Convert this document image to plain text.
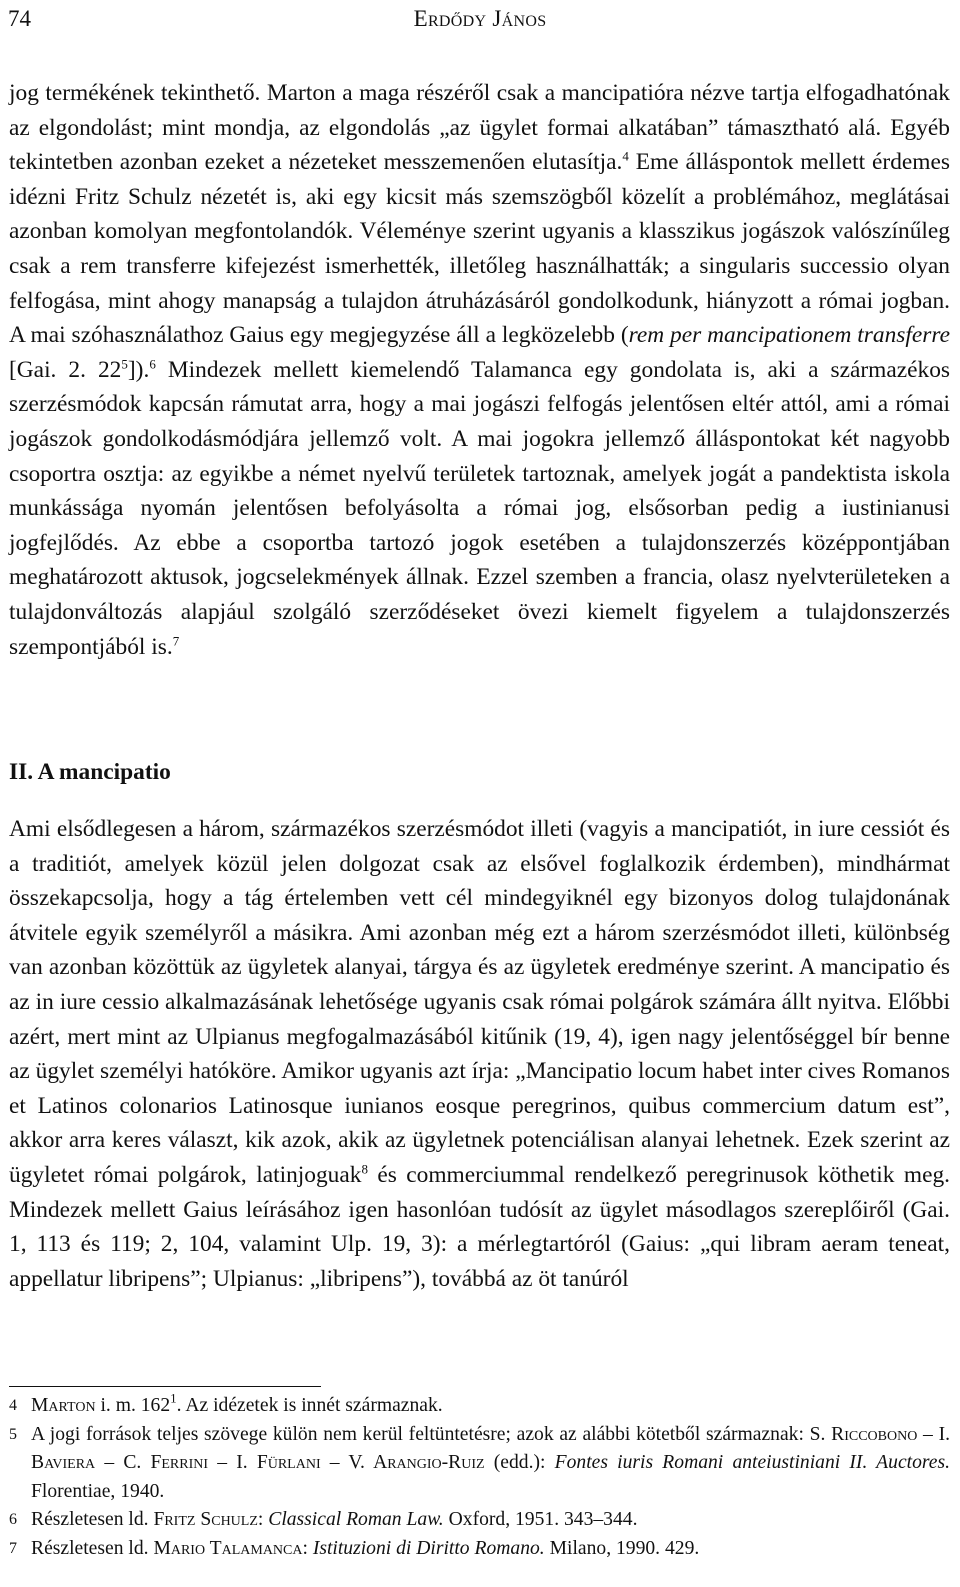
74	Erdődy János

jog termékének tekinthető. Marton a maga részéről csak a mancipatióra nézve tartja elfogadhatónak az elgondolást; mint mondja, az elgondolás „az ügylet formai alkatában” támasztható alá. Egyéb tekintetben azonban ezeket a nézeteket messzemenően elutasítja.$^4$ Eme álláspontok mellett érdemes idézni Fritz Schulz nézetét is, aki egy kicsit más szemszögből közelít a problémához, meglátásai azonban komolyan megfontolandók. Véleménye szerint ugyanis a klasszikus jogászok valószínűleg csak a rem transferre kifejezést ismerhették, illetőleg használhatták; a singularis successio olyan felfogása, mint ahogy manapság a tulajdon átruházásáról gondolkodunk, hiányzott a római jogban. A mai szóhasználathoz Gaius egy megjegyzése áll a legközelebb (rem per mancipationem transferre [Gai. 2. $22^5]).^6$ Mindezek mellett kiemelendő Talamanca egy gondolata is, aki a származékos szerzésmódok kapcsán rámutat arra, hogy a mai jogászi felfogás jelentősen eltér attól, ami a római jogászok gondolkodásmódjára jellemző volt. A mai jogokra jellemző álláspontokat két nagyobb csoportra osztja: az egyikbe a német nyelvű területek tartoznak, amelyek jogát a pandektista iskola munkássága nyomán jelentősen befolyásolta a római jog, elsősorban pedig a iustinianusi jogfejlődés. Az ebbe a csoportba tartozó jogok esetében a tulajdonszerzés középpontjában meghatározott aktusok, jogcselekmények állnak. Ezzel szemben a francia, olasz nyelvterületeken a tulajdonváltozás alapjául szolgáló szerződéseket övezi kiemelt figyelem a tulajdonszerzés szempontjából is.$^7$

II. A mancipatio

Ami elsődlegesen a három, származékos szerzésmódot illeti (vagyis a mancipatiót, in iure cessiót és a traditiót, amelyek közül jelen dolgozat csak az elsővel foglalkozik érdemben), mindhármat összekapcsolja, hogy a tág értelemben vett cél mindegyiknél egy bizonyos dolog tulajdonának átvitele egyik személyről a másikra. Ami azonban még ezt a három szerzésmódot illeti, különbség van azonban közöttük az ügyletek alanyai, tárgya és az ügyletek eredménye szerint. A mancipatio és az in iure cessio alkalmazásának lehetősége ugyanis csak római polgárok számára állt nyitva. Előbbi azért, mert mint az Ulpianus megfogalmazásából kitűnik (19, 4), igen nagy jelentőséggel bír benne az ügylet személyi hatóköre. Amikor ugyanis azt írja: „Mancipatio locum habet inter cives Romanos et Latinos colonarios Latinosque iunianos eosque peregrinos, quibus commercium datum est”, akkor arra keres választ, kik azok, akik az ügyletnek potenciálisan alanyai lehetnek. Ezek szerint az ügyletet római polgárok, latinjoguak$^8$ és commerciummal rendelkező peregrinusok köthetik meg. Mindezek mellett Gaius leírásához igen hasonlóan tudósít az ügylet másodlagos szereplőiről (Gai. 1, 113 és 119; 2, 104, valamint Ulp. 19, 3): a mérlegtartóról (Gaius: „qui libram aeram teneat, appellatur libripens”; Ulpianus: „libripens”), továbbá az öt tanúról

4 Marton i. m. $162^1$. Az idézetek is innét származnak.

5 A jogi források teljes szövege külön nem kerül feltüntetésre; azok az alábbi kötetből származnak: S. Riccobono – I. Baviera – C. Ferrini – I. Fürlani – V. Arangio-Ruiz (edd.): Fontes iuris Romani anteiustiniani II. Auctores. Florentiae, 1940.

6 Részletesen ld. Fritz Schulz: Classical Roman Law. Oxford, 1951. 343–344.

7 Részletesen ld. Mario Talamanca: Istituzioni di Diritto Romano. Milano, 1990. 429.
